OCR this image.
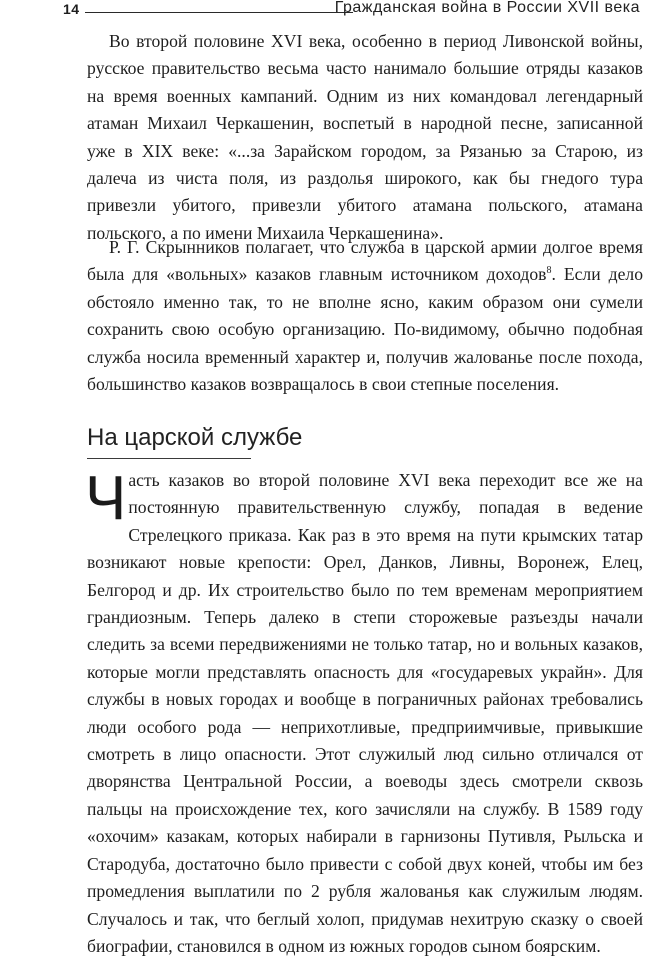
14	Гражданская война в России XVII века

Во второй половине XVI века, особенно в период Ливонской войны, русское правительство весьма часто нанимало большие отряды казаков на время военных кампаний. Одним из них командовал легендарный атаман Михаил Черкашенин, воспетый в народной песне, записанной уже в XIX веке: «...за Зарайском городом, за Рязанью за Старою, из далеча из чиста поля, из раздолья широкого, как бы гнедого тура привезли убитого, привезли убитого атамана польского, атамана польского, а по имени Михаила Черкашенина».

Р. Г. Скрынников полагает, что служба в царской армии долгое время была для «вольных» казаков главным источником доходов$^8$. Если дело обстояло именно так, то не вполне ясно, каким образом они сумели сохранить свою особую организацию. По-видимому, обычно подобная служба носила временный характер и, получив жалованье после похода, большинство казаков возвращалось в свои степные поселения.

На царской службе

Часть казаков во второй половине XVI века переходит все же на постоянную правительственную службу, попадая в ведение Стрелецкого приказа. Как раз в это время на пути крымских татар возникают новые крепости: Орел, Данков, Ливны, Воронеж, Елец, Белгород и др. Их строительство было по тем временам мероприятием грандиозным. Теперь далеко в степи сторожевые разъезды начали следить за всеми передвижениями не только татар, но и вольных казаков, которые могли представлять опасность для «государевых украйн». Для службы в новых городах и вообще в пограничных районах требовались люди особого рода — неприхотливые, предприимчивые, привыкшие смотреть в лицо опасности. Этот служилый люд сильно отличался от дворянства Центральной России, а воеводы здесь смотрели сквозь пальцы на происхождение тех, кого зачисляли на службу. В 1589 году «охочим» казакам, которых набирали в гарнизоны Путивля, Рыльска и Стародуба, достаточно было привести с собой двух коней, чтобы им без промедления выплатили по 2 рубля жалованья как служилым людям. Случалось и так, что беглый холоп, придумав нехитрую сказку о своей биографии, становился в одном из южных городов сыном боярским.
